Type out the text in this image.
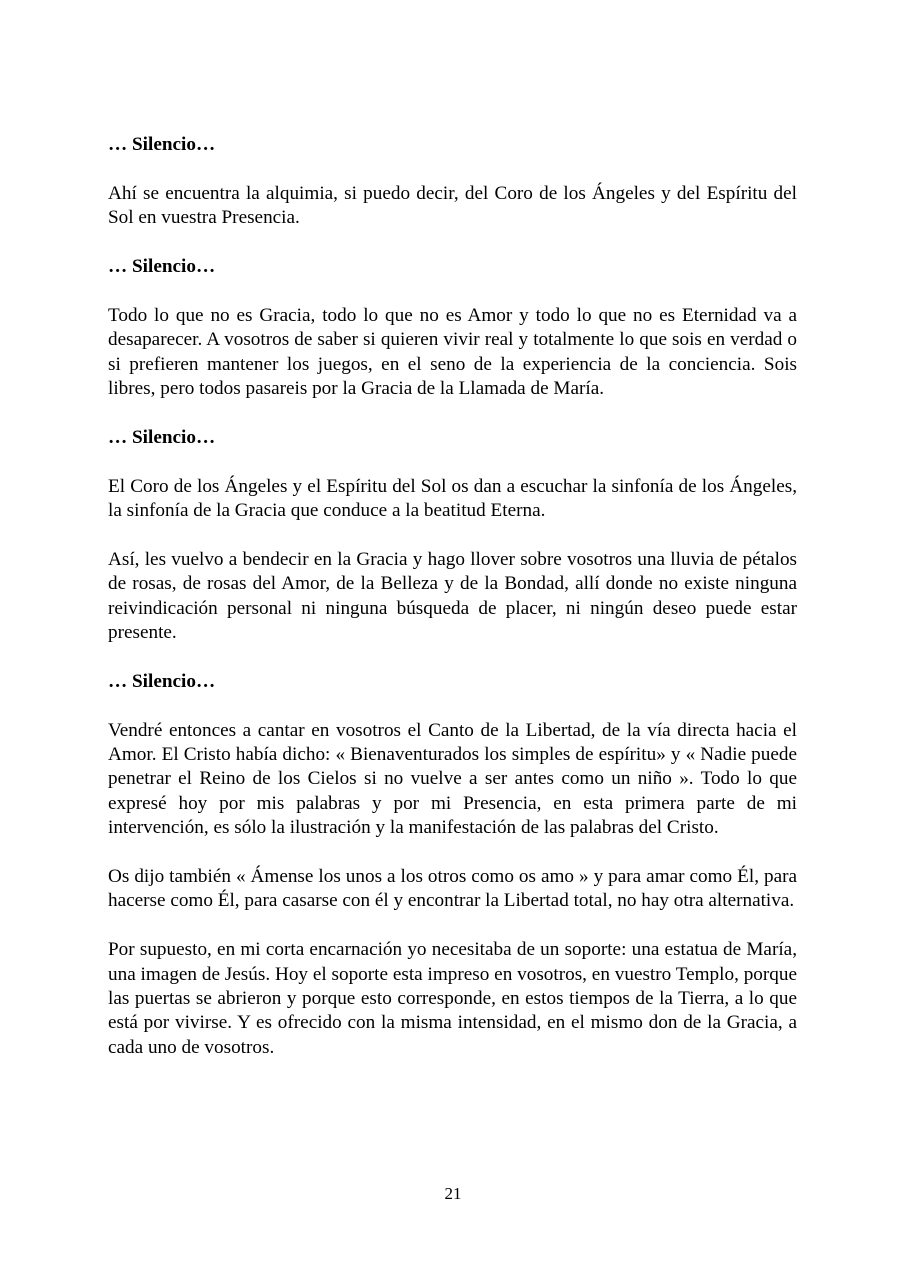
… Silencio…

Ahí se encuentra la alquimia, si puedo decir, del Coro de los Ángeles y del Espíritu del Sol en vuestra Presencia.

… Silencio…

Todo lo que no es Gracia, todo lo que no es Amor y todo lo que no es Eternidad va a desaparecer. A vosotros de saber si quieren vivir real y totalmente lo que sois en verdad o si prefieren mantener los juegos, en el seno de la experiencia de la conciencia. Sois libres, pero todos pasareis por la Gracia de la Llamada de María.

… Silencio…

El Coro de los Ángeles y el Espíritu del Sol os dan a escuchar la sinfonía de los Ángeles, la sinfonía de la Gracia que conduce a la beatitud Eterna.

Así, les vuelvo a bendecir en la Gracia y hago llover sobre vosotros una lluvia de pétalos de rosas, de rosas del Amor, de la Belleza y de la Bondad, allí donde no existe ninguna reivindicación personal ni ninguna búsqueda de placer, ni ningún deseo puede estar presente.

… Silencio…

Vendré entonces a cantar en vosotros el Canto de la Libertad, de la vía directa hacia el Amor. El Cristo había dicho: « Bienaventurados los simples de espíritu» y « Nadie puede penetrar el Reino de los Cielos si no vuelve a ser antes como un niño ». Todo lo que expresé hoy por mis palabras y por mi Presencia, en esta primera parte de mi intervención, es sólo la ilustración y la manifestación de las palabras del Cristo.

Os dijo también « Ámense los unos a los otros como os amo » y para amar como Él, para hacerse como Él, para casarse con él y encontrar la Libertad total, no hay otra alternativa.

Por supuesto, en mi corta encarnación yo necesitaba de un soporte: una estatua de María, una imagen de Jesús. Hoy el soporte esta impreso en vosotros, en vuestro Templo, porque las puertas se abrieron y porque esto corresponde, en estos tiempos de la Tierra, a lo que está por vivirse. Y es ofrecido con la misma intensidad, en el mismo don de la Gracia, a cada uno de vosotros.

21
